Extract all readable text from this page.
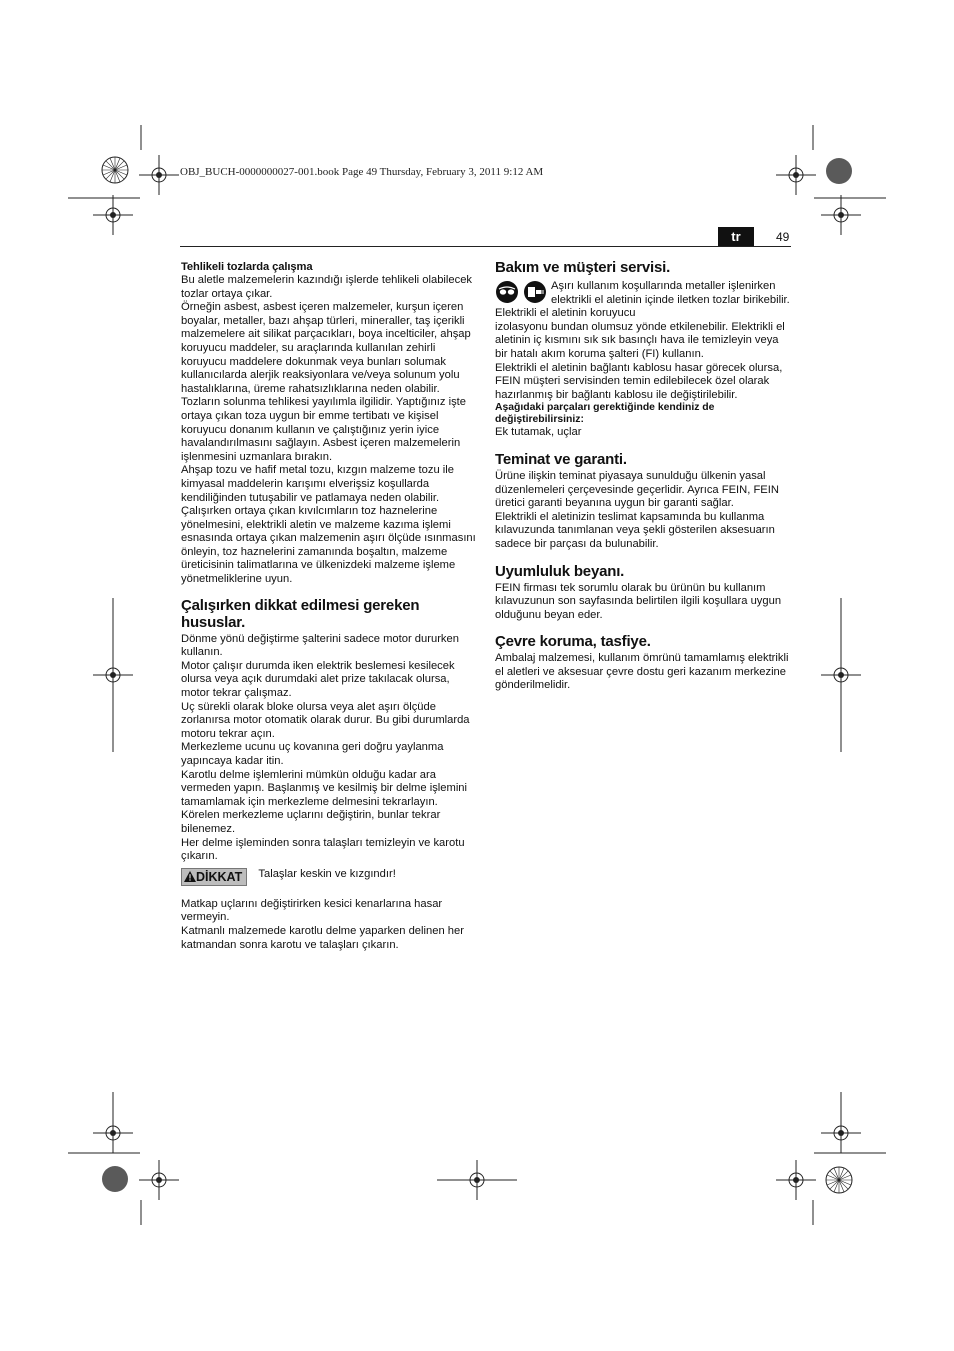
OBJ_BUCH-0000000027-001.book Page 49 Thursday, February 3, 2011 9:12 AM
tr	49

Tehlikeli tozlarda çalışma

Bu aletle malzemelerin kazındığı işlerde tehlikeli olabilecek tozlar ortaya çıkar.

Örneğin asbest, asbest içeren malzemeler, kurşun içeren boyalar, metaller, bazı ahşap türleri, mineraller, taş içerikli malzemelere ait silikat parçacıkları, boya incelticiler, ahşap koruyucu maddeler, su araçlarında kullanılan zehirli koruyucu maddelere dokunmak veya bunları solumak kullanıcılarda alerjik reaksiyonlara ve/veya solunum yolu hastalıklarına, üreme rahatsızlıklarına neden olabilir. Tozların solunma tehlikesi yayılımla ilgilidir. Yaptığınız işte ortaya çıkan toza uygun bir emme tertibatı ve kişisel koruyucu donanım kullanın ve çalıştığınız yerin iyice havalandırılmasını sağlayın. Asbest içeren malzemelerin işlenmesini uzmanlara bırakın.

Ahşap tozu ve hafif metal tozu, kızgın malzeme tozu ile kimyasal maddelerin karışımı elverişsiz koşullarda kendiliğinden tutuşabilir ve patlamaya neden olabilir. Çalışırken ortaya çıkan kıvılcımların toz haznelerine yönelmesini, elektrikli aletin ve malzeme kazıma işlemi esnasında ortaya çıkan malzemenin aşırı ölçüde ısınmasını önleyin, toz haznelerini zamanında boşaltın, malzeme üreticisinin talimatlarına ve ülkenizdeki malzeme işleme yönetmeliklerine uyun.

Çalışırken dikkat edilmesi gereken hususlar.

Dönme yönü değiştirme şalterini sadece motor dururken kullanın.

Motor çalışır durumda iken elektrik beslemesi kesilecek olursa veya açık durumdaki alet prize takılacak olursa, motor tekrar çalışmaz.

Uç sürekli olarak bloke olursa veya alet aşırı ölçüde zorlanırsa motor otomatik olarak durur. Bu gibi durumlarda motoru tekrar açın.

Merkezleme ucunu uç kovanına geri doğru yaylanma yapıncaya kadar itin.

Karotlu delme işlemlerini mümkün olduğu kadar ara vermeden yapın. Başlanmış ve kesilmiş bir delme işlemini tamamlamak için merkezleme delmesini tekrarlayın.

Körelen merkezleme uçlarını değiştirin, bunlar tekrar bilenemez.

Her delme işleminden sonra talaşları temizleyin ve karotu çıkarın.

DİKKAT Talaşlar keskin ve kızgındır!

Matkap uçlarını değiştirirken kesici kenarlarına hasar vermeyin.

Katmanlı malzemede karotlu delme yaparken delinen her katmandan sonra karotu ve talaşları çıkarın.

Bakım ve müşteri servisi.

Aşırı kullanım koşullarında metaller işlenirken elektrikli el aletinin içinde iletken tozlar birikebilir. Elektrikli el aletinin koruyucu

izolasyonu bundan olumsuz yönde etkilenebilir. Elektrikli el aletinin iç kısmını sık sık basınçlı hava ile temizleyin veya bir hatalı akım koruma şalteri (FI) kullanın.

Elektrikli el aletinin bağlantı kablosu hasar görecek olursa, FEIN müşteri servisinden temin edilebilecek özel olarak hazırlanmış bir bağlantı kablosu ile değiştirilebilir.

Aşağıdaki parçaları gerektiğinde kendiniz de değiştirebilirsiniz:

Ek tutamak, uçlar

Teminat ve garanti.

Ürüne ilişkin teminat piyasaya sunulduğu ülkenin yasal düzenlemeleri çerçevesinde geçerlidir. Ayrıca FEIN, FEIN üretici garanti beyanına uygun bir garanti sağlar.

Elektrikli el aletinizin teslimat kapsamında bu kullanma kılavuzunda tanımlanan veya şekli gösterilen aksesuarın sadece bir parçası da bulunabilir.

Uyumluluk beyanı.

FEIN firması tek sorumlu olarak bu ürünün bu kullanım kılavuzunun son sayfasında belirtilen ilgili koşullara uygun olduğunu beyan eder.

Çevre koruma, tasfiye.

Ambalaj malzemesi, kullanım ömrünü tamamlamış elektrikli el aletleri ve aksesuar çevre dostu geri kazanım merkezine gönderilmelidir.
